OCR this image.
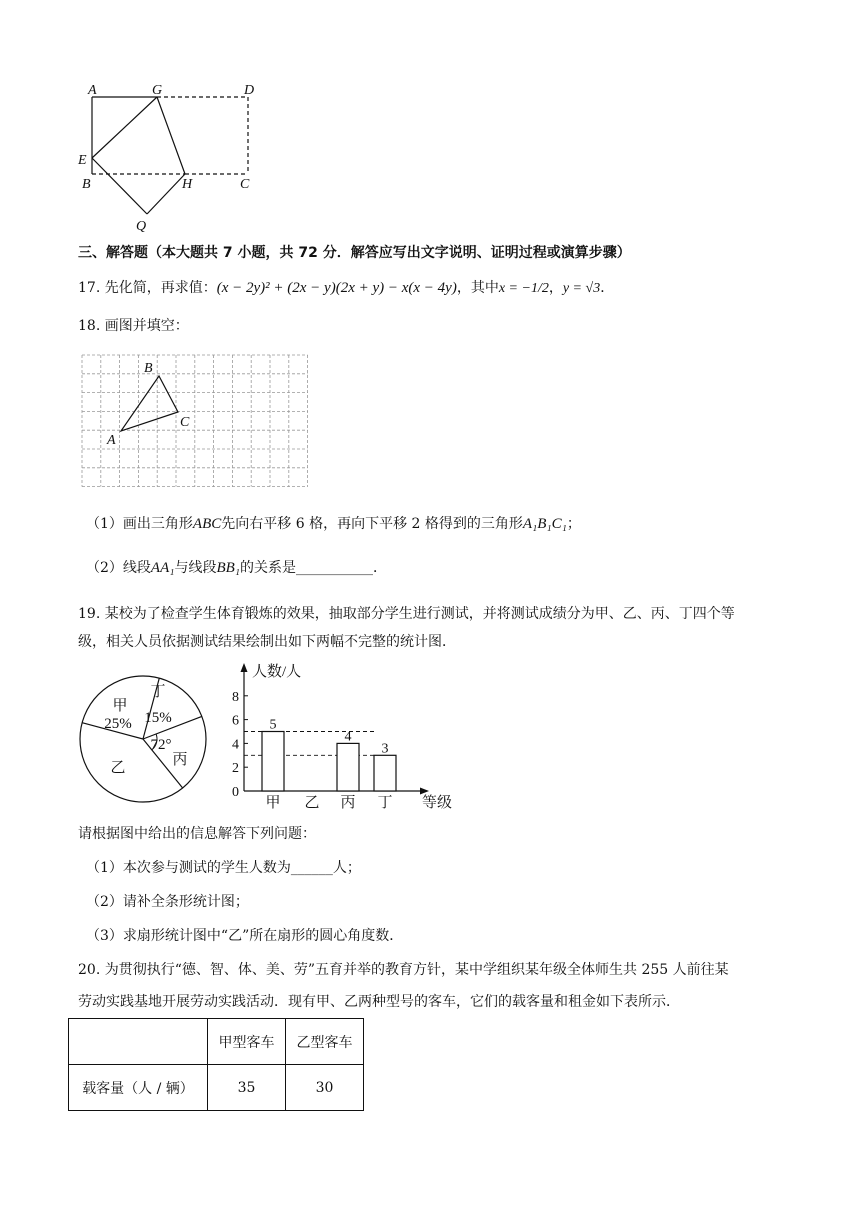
A	G	D
E
B	H	C
Q
三、解答题（本大题共 7 小题，共 72 分．解答应写出文字说明、证明过程或演算步骤）
17. 先化简，再求值：(x − 2y)² + (2x − y)(2x + y) − x(x − 4y)，其中x = −1/2，y = √3．
18. 画图并填空：
A
B
C
（1）画出三角形ABC先向右平移 6 格，再向下平移 2 格得到的三角形A₁B₁C₁；
（2）线段AA₁与线段BB₁的关系是___________．
19. 某校为了检查学生体育锻炼的效果，抽取部分学生进行测试，并将测试成绩分为甲、乙、丙、丁四个等
级，相关人员依据测试结果绘制出如下两幅不完整的统计图．
甲
25%
丁
15%
丙
72°
乙
人数/人
等级
0
2
4
6
8
5
甲 乙
4
丙
3
丁
请根据图中给出的信息解答下列问题：
（1）本次参与测试的学生人数为______人；
（2）请补全条形统计图；
（3）求扇形统计图中“乙”所在扇形的圆心角度数．
20. 为贯彻执行“德、智、体、美、劳”五育并举的教育方针，某中学组织某年级全体师生共 255 人前往某
劳动实践基地开展劳动实践活动．现有甲、乙两种型号的客车，它们的载客量和租金如下表所示．
	甲型客车	乙型客车
载客量（人 / 辆）	35	30
